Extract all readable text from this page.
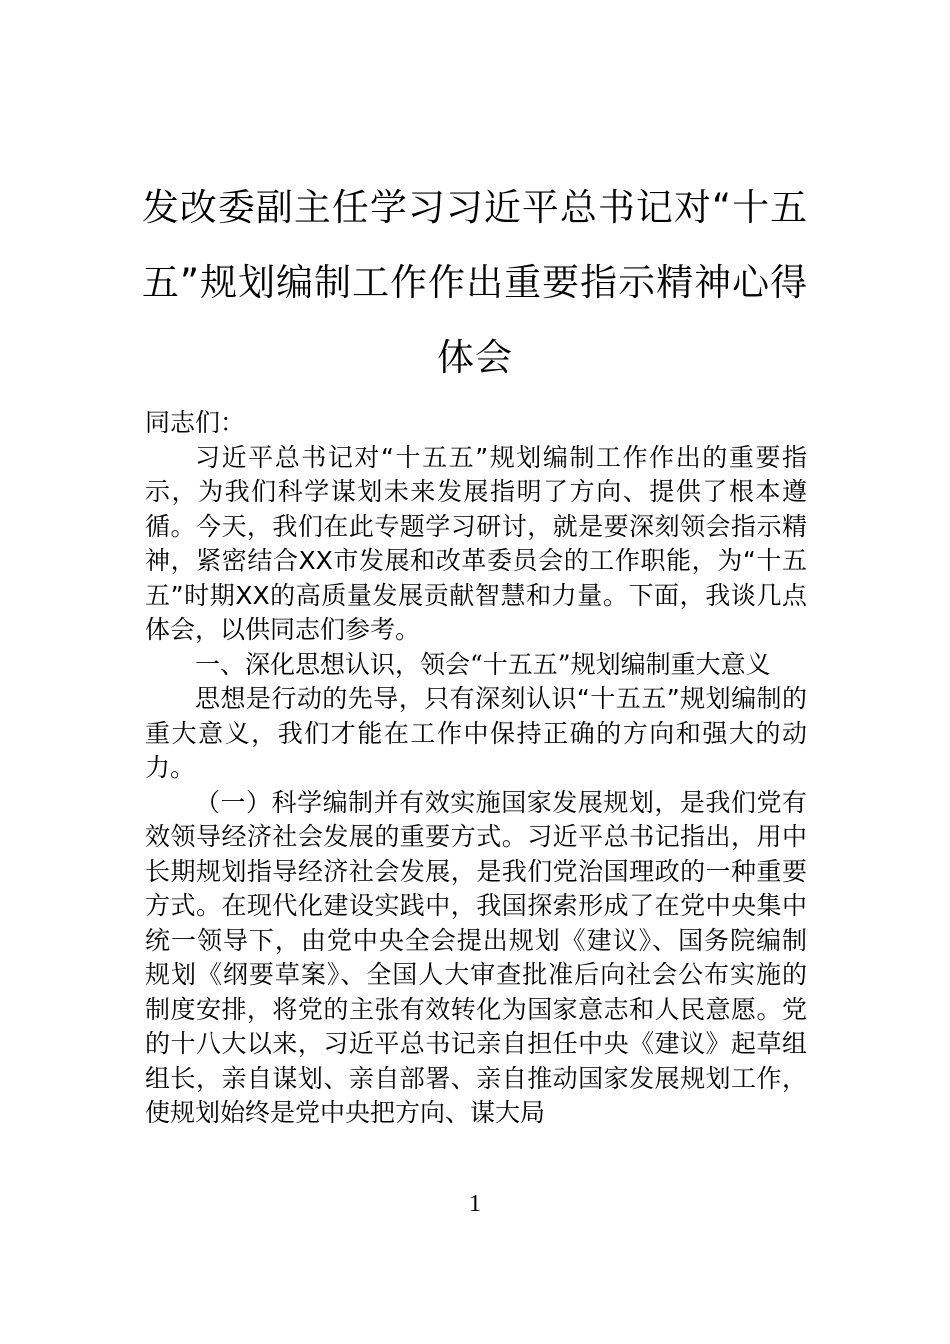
发改委副主任学习习近平总书记对“十五
五”规划编制工作作出重要指示精神心得
体会

同志们：

习近平总书记对“十五五”规划编制工作作出的重要指示，为我们科学谋划未来发展指明了方向、提供了根本遵循。今天，我们在此专题学习研讨，就是要深刻领会指示精神，紧密结合XX市发展和改革委员会的工作职能，为“十五五”时期XX的高质量发展贡献智慧和力量。下面，我谈几点体会，以供同志们参考。

一、深化思想认识，领会“十五五”规划编制重大意义

思想是行动的先导，只有深刻认识“十五五”规划编制的重大意义，我们才能在工作中保持正确的方向和强大的动力。

（一）科学编制并有效实施国家发展规划，是我们党有效领导经济社会发展的重要方式。习近平总书记指出，用中长期规划指导经济社会发展，是我们党治国理政的一种重要方式。在现代化建设实践中，我国探索形成了在党中央集中统一领导下，由党中央全会提出规划《建议》、国务院编制规划《纲要草案》、全国人大审查批准后向社会公布实施的制度安排，将党的主张有效转化为国家意志和人民意愿。党的十八大以来，习近平总书记亲自担任中央《建议》起草组组长，亲自谋划、亲自部署、亲自推动国家发展规划工作，使规划始终是党中央把方向、谋大局

1
